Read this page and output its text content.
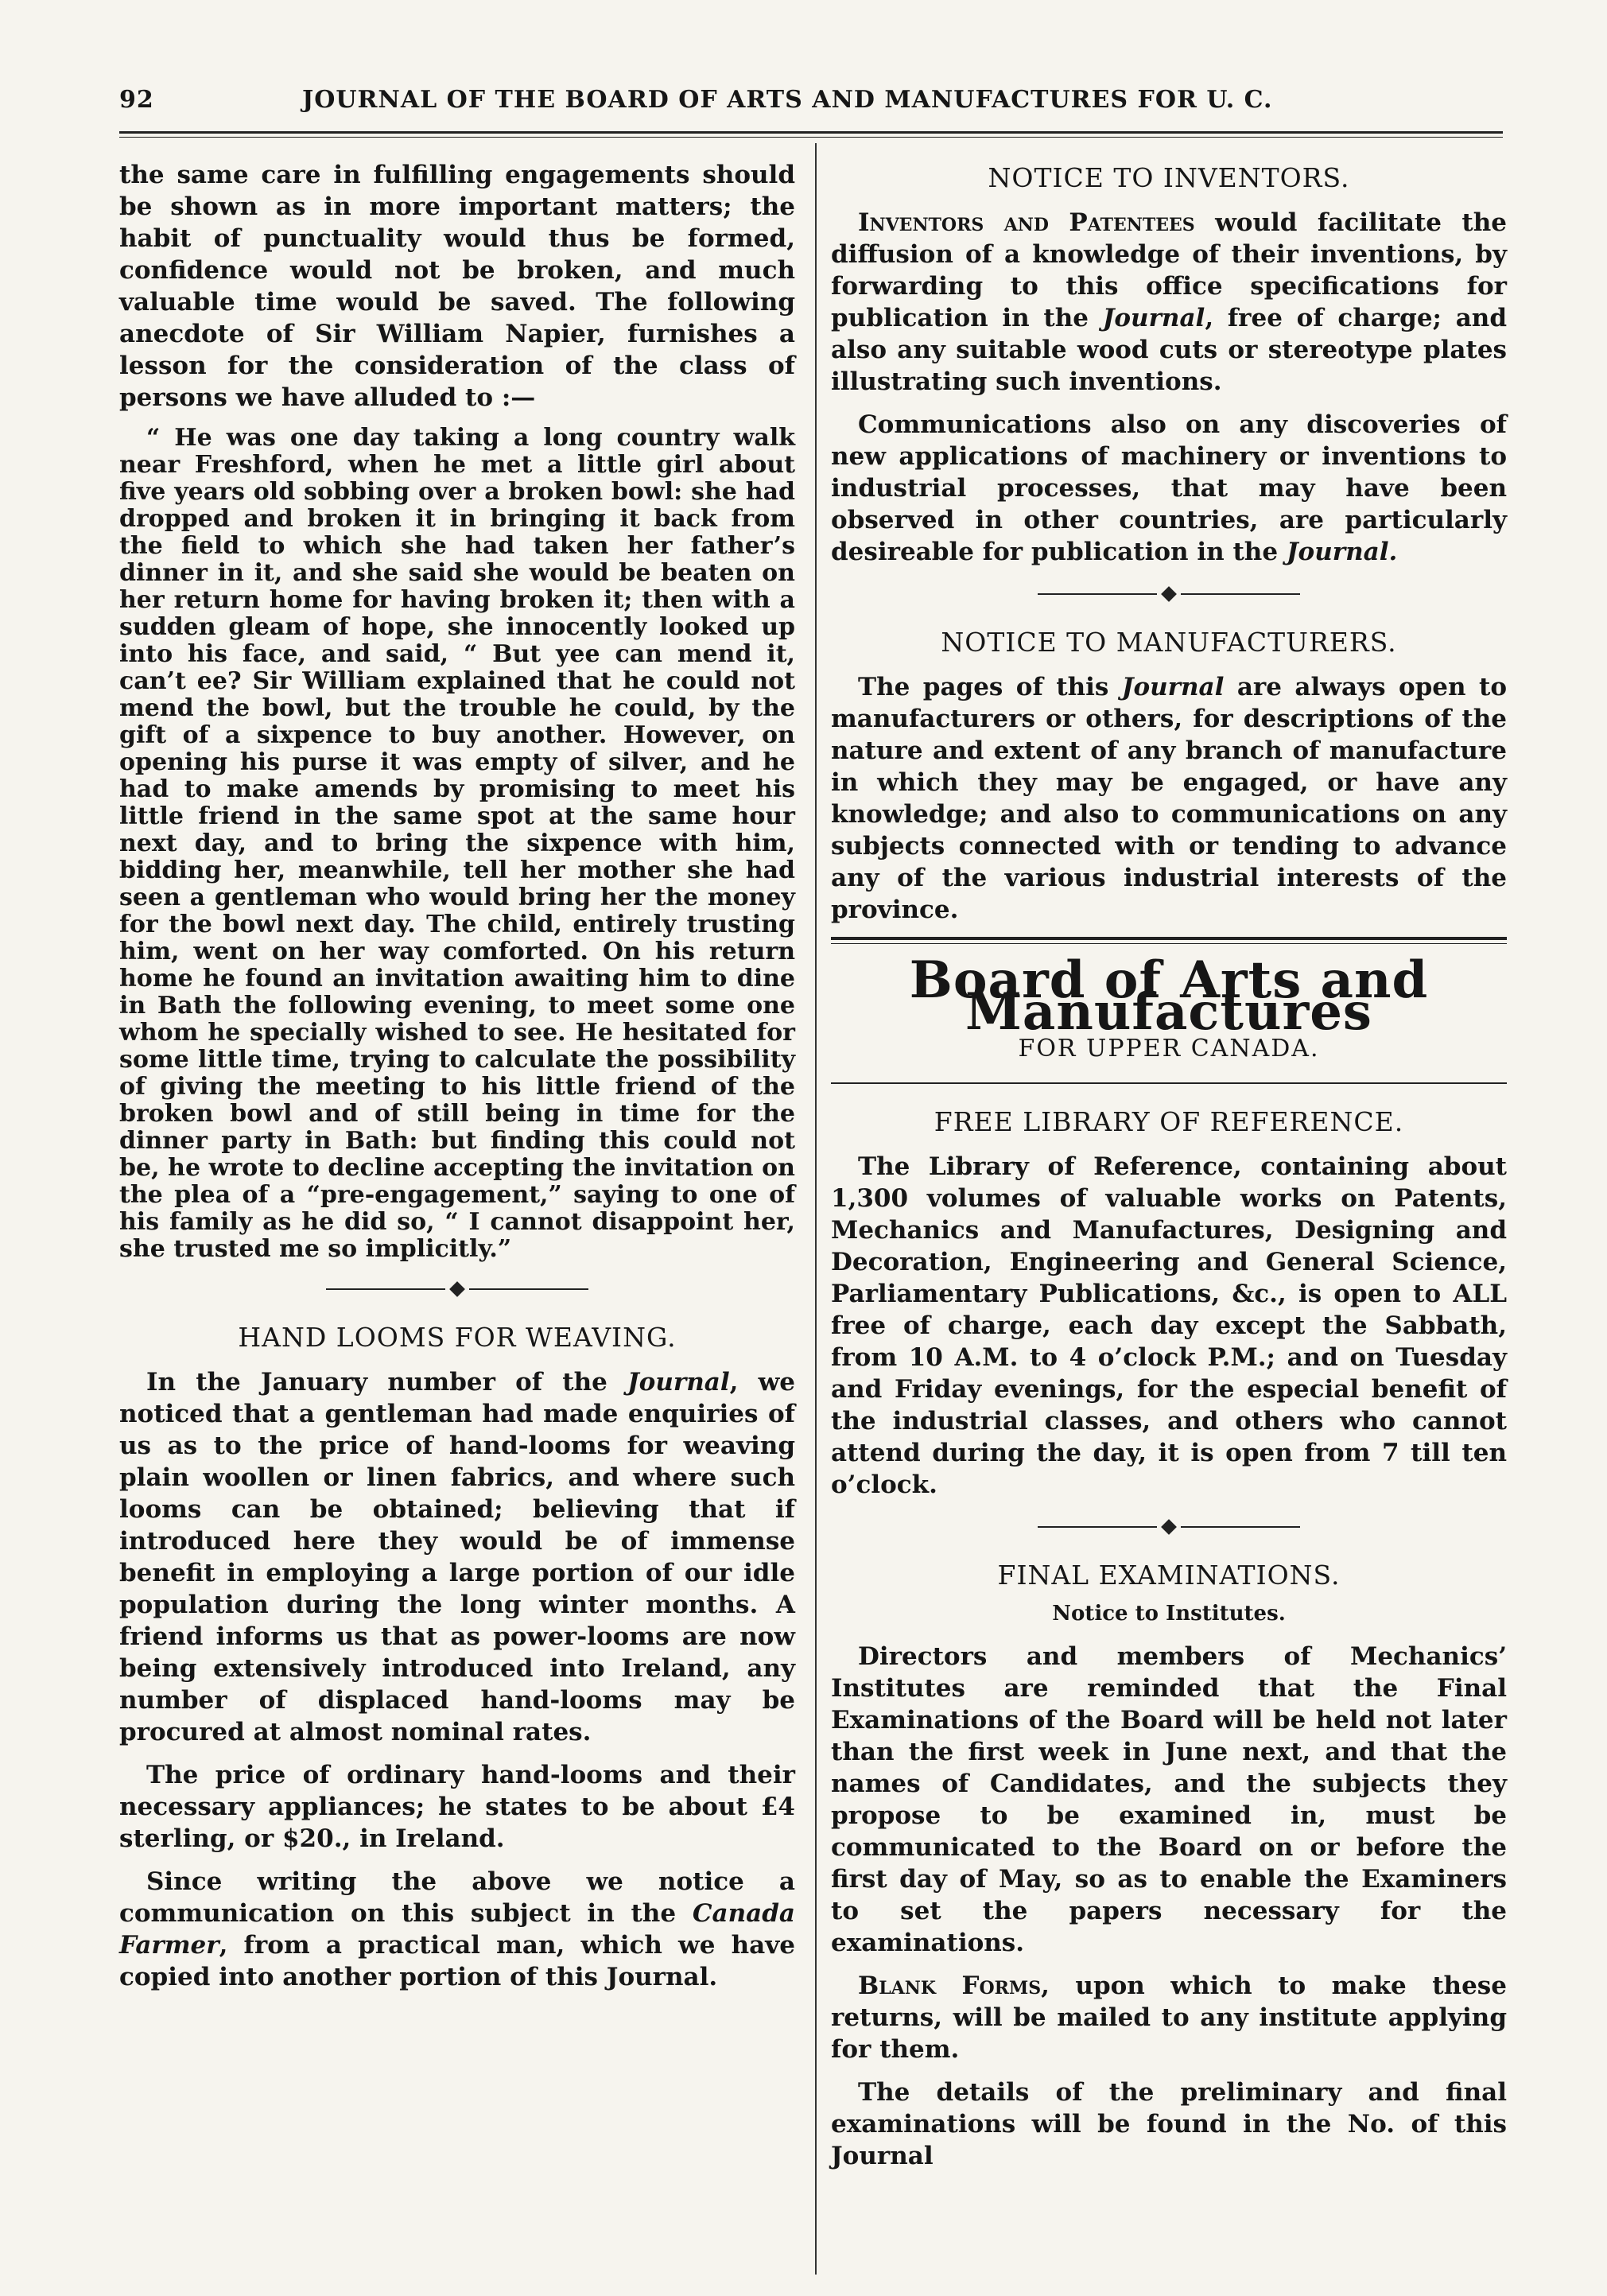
92	JOURNAL OF THE BOARD OF ARTS AND MANUFACTURES FOR U. C.

the same care in fulfilling engagements should be shown as in more important matters; the habit of punctuality would thus be formed, confidence would not be broken, and much valuable time would be saved. The following anecdote of Sir William Napier, furnishes a lesson for the consideration of the class of persons we have alluded to :—

“ He was one day taking a long country walk near Freshford, when he met a little girl about five years old sobbing over a broken bowl: she had dropped and broken it in bringing it back from the field to which she had taken her father’s dinner in it, and she said she would be beaten on her return home for having broken it; then with a sudden gleam of hope, she innocently looked up into his face, and said, “ But yee can mend it, can’t ee? Sir William explained that he could not mend the bowl, but the trouble he could, by the gift of a sixpence to buy another. However, on opening his purse it was empty of silver, and he had to make amends by promising to meet his little friend in the same spot at the same hour next day, and to bring the sixpence with him, bidding her, meanwhile, tell her mother she had seen a gentleman who would bring her the money for the bowl next day. The child, entirely trusting him, went on her way comforted. On his return home he found an invitation awaiting him to dine in Bath the following evening, to meet some one whom he specially wished to see. He hesitated for some little time, trying to calculate the possibility of giving the meeting to his little friend of the broken bowl and of still being in time for the dinner party in Bath: but finding this could not be, he wrote to decline accepting the invitation on the plea of a “pre-engagement,” saying to one of his family as he did so, “ I cannot disappoint her, she trusted me so implicitly.”

HAND LOOMS FOR WEAVING.

In the January number of the Journal, we noticed that a gentleman had made enquiries of us as to the price of hand-looms for weaving plain woollen or linen fabrics, and where such looms can be obtained; believing that if introduced here they would be of immense benefit in employing a large portion of our idle population during the long winter months. A friend informs us that as power-looms are now being extensively introduced into Ireland, any number of displaced hand-looms may be procured at almost nominal rates.

The price of ordinary hand-looms and their necessary appliances; he states to be about £4 sterling, or $20., in Ireland.

Since writing the above we notice a communication on this subject in the Canada Farmer, from a practical man, which we have copied into another portion of this Journal.

NOTICE TO INVENTORS.

Inventors and Patentees would facilitate the diffusion of a knowledge of their inventions, by forwarding to this office specifications for publication in the Journal, free of charge; and also any suitable wood cuts or stereotype plates illustrating such inventions.

Communications also on any discoveries of new applications of machinery or inventions to industrial processes, that may have been observed in other countries, are particularly desireable for publication in the Journal.

NOTICE TO MANUFACTURERS.

The pages of this Journal are always open to manufacturers or others, for descriptions of the nature and extent of any branch of manufacture in which they may be engaged, or have any knowledge; and also to communications on any subjects connected with or tending to advance any of the various industrial interests of the province.

Board of Arts and Manufactures
FOR UPPER CANADA.
FREE LIBRARY OF REFERENCE.

The Library of Reference, containing about 1,300 volumes of valuable works on Patents, Mechanics and Manufactures, Designing and Decoration, Engineering and General Science, Parliamentary Publications, &c., is open to ALL free of charge, each day except the Sabbath, from 10 A.M. to 4 o’clock P.M.; and on Tuesday and Friday evenings, for the especial benefit of the industrial classes, and others who cannot attend during the day, it is open from 7 till ten o’clock.

FINAL EXAMINATIONS.
Notice to Institutes.

Directors and members of Mechanics’ Institutes are reminded that the Final Examinations of the Board will be held not later than the first week in June next, and that the names of Candidates, and the subjects they propose to be examined in, must be communicated to the Board on or before the first day of May, so as to enable the Examiners to set the papers necessary for the examinations.

Blank Forms, upon which to make these returns, will be mailed to any institute applying for them.

The details of the preliminary and final examinations will be found in the No. of this Journal
